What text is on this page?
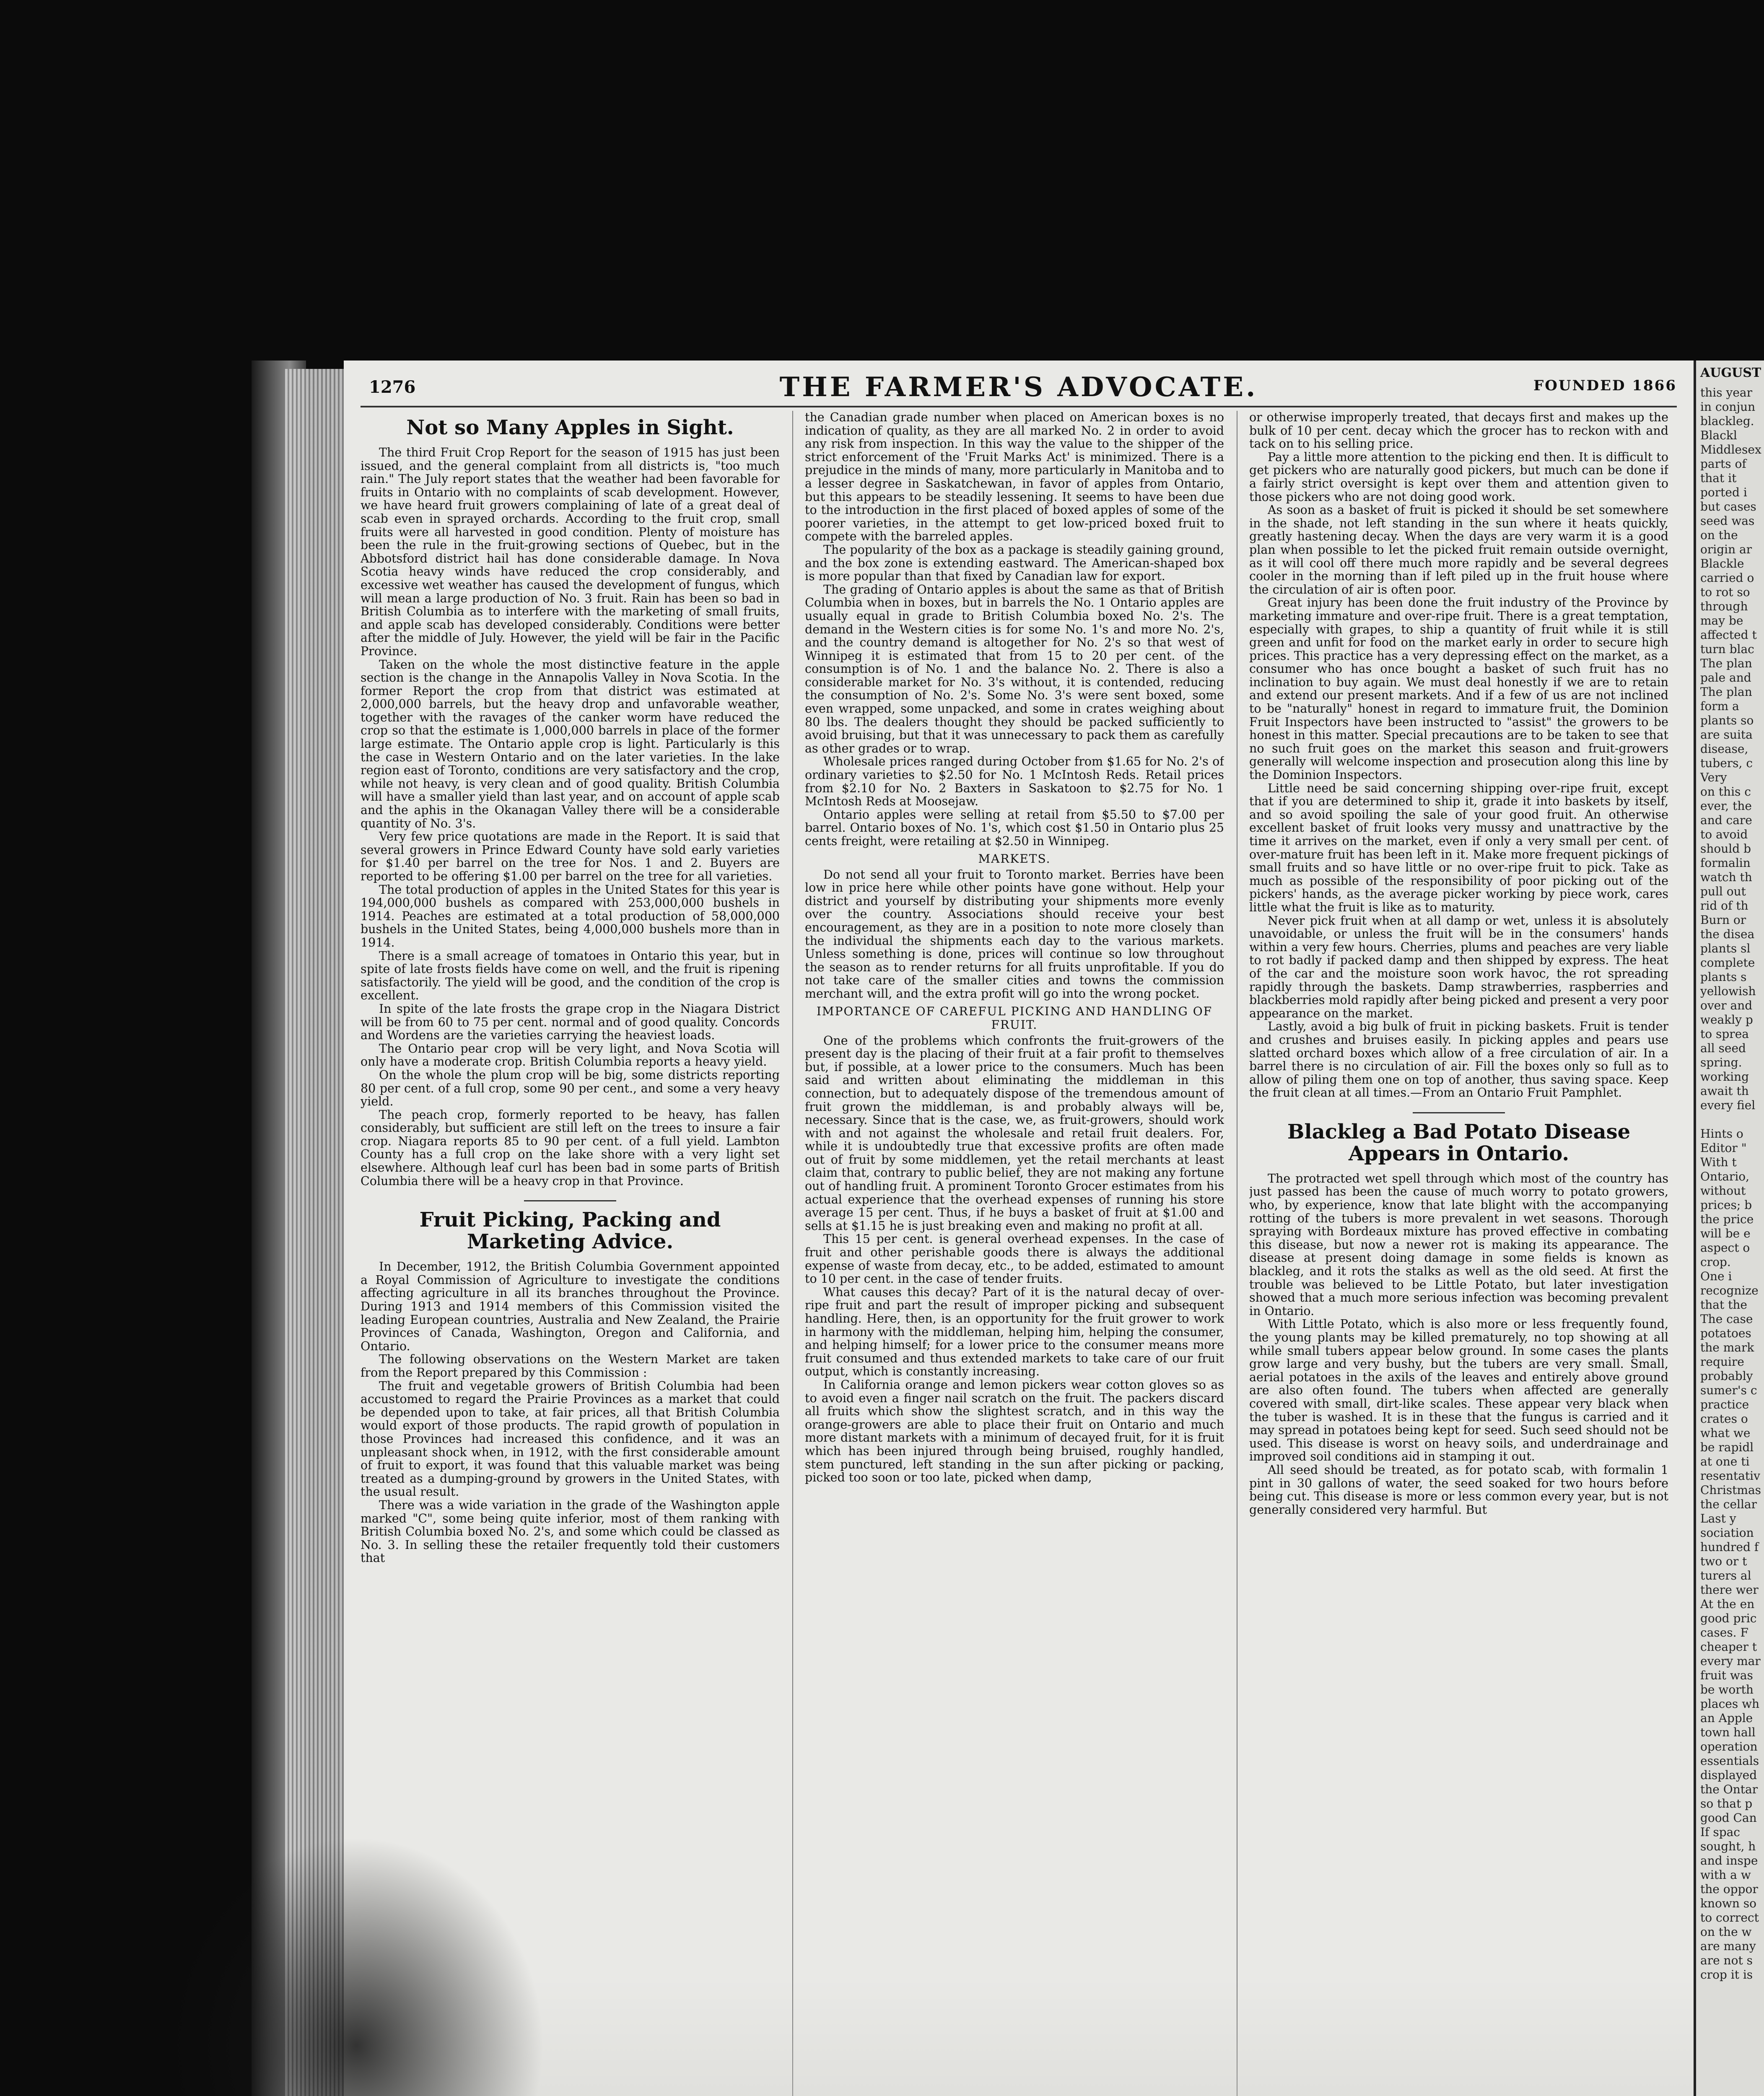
1276	THE FARMER'S ADVOCATE.	FOUNDED 1866
Not so Many Apples in Sight.

The third Fruit Crop Report for the season of 1915 has just been issued, and the general complaint from all districts is, "too much rain." The July report states that the weather had been favorable for fruits in Ontario with no complaints of scab development. However, we have heard fruit growers complaining of late of a great deal of scab even in sprayed orchards. According to the fruit crop, small fruits were all harvested in good condition. Plenty of moisture has been the rule in the fruit-growing sections of Quebec, but in the Abbotsford district hail has done considerable damage. In Nova Scotia heavy winds have reduced the crop considerably, and excessive wet weather has caused the development of fungus, which will mean a large production of No. 3 fruit. Rain has been so bad in British Columbia as to interfere with the marketing of small fruits, and apple scab has developed considerably. Conditions were better after the middle of July. However, the yield will be fair in the Pacific Province.

Taken on the whole the most distinctive feature in the apple section is the change in the Annapolis Valley in Nova Scotia. In the former Report the crop from that district was estimated at 2,000,000 barrels, but the heavy drop and unfavorable weather, together with the ravages of the canker worm have reduced the crop so that the estimate is 1,000,000 barrels in place of the former large estimate. The Ontario apple crop is light. Particularly is this the case in Western Ontario and on the later varieties. In the lake region east of Toronto, conditions are very satisfactory and the crop, while not heavy, is very clean and of good quality. British Columbia will have a smaller yield than last year, and on account of apple scab and the aphis in the Okanagan Valley there will be a considerable quantity of No. 3's.

Very few price quotations are made in the Report. It is said that several growers in Prince Edward County have sold early varieties for $1.40 per barrel on the tree for Nos. 1 and 2. Buyers are reported to be offering $1.00 per barrel on the tree for all varieties.

The total production of apples in the United States for this year is 194,000,000 bushels as compared with 253,000,000 bushels in 1914. Peaches are estimated at a total production of 58,000,000 bushels in the United States, being 4,000,000 bushels more than in 1914.

There is a small acreage of tomatoes in Ontario this year, but in spite of late frosts fields have come on well, and the fruit is ripening satisfactorily. The yield will be good, and the condition of the crop is excellent.

In spite of the late frosts the grape crop in the Niagara District will be from 60 to 75 per cent. normal and of good quality. Concords and Wordens are the varieties carrying the heaviest loads.

The Ontario pear crop will be very light, and Nova Scotia will only have a moderate crop. British Columbia reports a heavy yield.

On the whole the plum crop will be big, some districts reporting 80 per cent. of a full crop, some 90 per cent., and some a very heavy yield.

The peach crop, formerly reported to be heavy, has fallen considerably, but sufficient are still left on the trees to insure a fair crop. Niagara reports 85 to 90 per cent. of a full yield. Lambton County has a full crop on the lake shore with a very light set elsewhere. Although leaf curl has been bad in some parts of British Columbia there will be a heavy crop in that Province.

Fruit Picking, Packing and Marketing Advice.

In December, 1912, the British Columbia Government appointed a Royal Commission of Agriculture to investigate the conditions affecting agriculture in all its branches throughout the Province. During 1913 and 1914 members of this Commission visited the leading European countries, Australia and New Zealand, the Prairie Provinces of Canada, Washington, Oregon and California, and Ontario.

The following observations on the Western Market are taken from the Report prepared by this Commission :

The fruit and vegetable growers of British Columbia had been accustomed to regard the Prairie Provinces as a market that could be depended upon to take, at fair prices, all that British Columbia would export of those products. The rapid growth of population in those Provinces had increased this confidence, and it was an unpleasant shock when, in 1912, with the first considerable amount of fruit to export, it was found that this valuable market was being treated as a dumping-ground by growers in the United States, with the usual result.

There was a wide variation in the grade of the Washington apple marked "C", some being quite inferior, most of them ranking with British Columbia boxed No. 2's, and some which could be classed as No. 3. In selling these the retailer frequently told their customers that

the Canadian grade number when placed on American boxes is no indication of quality, as they are all marked No. 2 in order to avoid any risk from inspection. In this way the value to the shipper of the strict enforcement of the 'Fruit Marks Act' is minimized. There is a prejudice in the minds of many, more particularly in Manitoba and to a lesser degree in Saskatchewan, in favor of apples from Ontario, but this appears to be steadily lessening. It seems to have been due to the introduction in the first placed of boxed apples of some of the poorer varieties, in the attempt to get low-priced boxed fruit to compete with the barreled apples.

The popularity of the box as a package is steadily gaining ground, and the box zone is extending eastward. The American-shaped box is more popular than that fixed by Canadian law for export.

The grading of Ontario apples is about the same as that of British Columbia when in boxes, but in barrels the No. 1 Ontario apples are usually equal in grade to British Columbia boxed No. 2's. The demand in the Western cities is for some No. 1's and more No. 2's, and the country demand is altogether for No. 2's so that west of Winnipeg it is estimated that from 15 to 20 per cent. of the consumption is of No. 1 and the balance No. 2. There is also a considerable market for No. 3's without, it is contended, reducing the consumption of No. 2's. Some No. 3's were sent boxed, some even wrapped, some unpacked, and some in crates weighing about 80 lbs. The dealers thought they should be packed sufficiently to avoid bruising, but that it was unnecessary to pack them as carefully as other grades or to wrap.

Wholesale prices ranged during October from $1.65 for No. 2's of ordinary varieties to $2.50 for No. 1 McIntosh Reds. Retail prices from $2.10 for No. 2 Baxters in Saskatoon to $2.75 for No. 1 McIntosh Reds at Moosejaw.

Ontario apples were selling at retail from $5.50 to $7.00 per barrel. Ontario boxes of No. 1's, which cost $1.50 in Ontario plus 25 cents freight, were retailing at $2.50 in Winnipeg.

MARKETS.

Do not send all your fruit to Toronto market. Berries have been low in price here while other points have gone without. Help your district and yourself by distributing your shipments more evenly over the country. Associations should receive your best encouragement, as they are in a position to note more closely than the individual the shipments each day to the various markets. Unless something is done, prices will continue so low throughout the season as to render returns for all fruits unprofitable. If you do not take care of the smaller cities and towns the commission merchant will, and the extra profit will go into the wrong pocket.

IMPORTANCE OF CAREFUL PICKING AND HANDLING OF FRUIT.

One of the problems which confronts the fruit-growers of the present day is the placing of their fruit at a fair profit to themselves but, if possible, at a lower price to the consumers. Much has been said and written about eliminating the middleman in this connection, but to adequately dispose of the tremendous amount of fruit grown the middleman, is and probably always will be, necessary. Since that is the case, we, as fruit-growers, should work with and not against the wholesale and retail fruit dealers. For, while it is undoubtedly true that excessive profits are often made out of fruit by some middlemen, yet the retail merchants at least claim that, contrary to public belief, they are not making any fortune out of handling fruit. A prominent Toronto Grocer estimates from his actual experience that the overhead expenses of running his store average 15 per cent. Thus, if he buys a basket of fruit at $1.00 and sells at $1.15 he is just breaking even and making no profit at all.

This 15 per cent. is general overhead expenses. In the case of fruit and other perishable goods there is always the additional expense of waste from decay, etc., to be added, estimated to amount to 10 per cent. in the case of tender fruits.

What causes this decay? Part of it is the natural decay of over-ripe fruit and part the result of improper picking and subsequent handling. Here, then, is an opportunity for the fruit grower to work in harmony with the middleman, helping him, helping the consumer, and helping himself; for a lower price to the consumer means more fruit consumed and thus extended markets to take care of our fruit output, which is constantly increasing.

In California orange and lemon pickers wear cotton gloves so as to avoid even a finger nail scratch on the fruit. The packers discard all fruits which show the slightest scratch, and in this way the orange-growers are able to place their fruit on Ontario and much more distant markets with a minimum of decayed fruit, for it is fruit which has been injured through being bruised, roughly handled, stem punctured, left standing in the sun after picking or packing, picked too soon or too late, picked when damp,

or otherwise improperly treated, that decays first and makes up the bulk of 10 per cent. decay which the grocer has to reckon with and tack on to his selling price.

Pay a little more attention to the picking end then. It is difficult to get pickers who are naturally good pickers, but much can be done if a fairly strict oversight is kept over them and attention given to those pickers who are not doing good work.

As soon as a basket of fruit is picked it should be set somewhere in the shade, not left standing in the sun where it heats quickly, greatly hastening decay. When the days are very warm it is a good plan when possible to let the picked fruit remain outside overnight, as it will cool off there much more rapidly and be several degrees cooler in the morning than if left piled up in the fruit house where the circulation of air is often poor.

Great injury has been done the fruit industry of the Province by marketing immature and over-ripe fruit. There is a great temptation, especially with grapes, to ship a quantity of fruit while it is still green and unfit for food on the market early in order to secure high prices. This practice has a very depressing effect on the market, as a consumer who has once bought a basket of such fruit has no inclination to buy again. We must deal honestly if we are to retain and extend our present markets. And if a few of us are not inclined to be "naturally" honest in regard to immature fruit, the Dominion Fruit Inspectors have been instructed to "assist" the growers to be honest in this matter. Special precautions are to be taken to see that no such fruit goes on the market this season and fruit-growers generally will welcome inspection and prosecution along this line by the Dominion Inspectors.

Little need be said concerning shipping over-ripe fruit, except that if you are determined to ship it, grade it into baskets by itself, and so avoid spoiling the sale of your good fruit. An otherwise excellent basket of fruit looks very mussy and unattractive by the time it arrives on the market, even if only a very small per cent. of over-mature fruit has been left in it. Make more frequent pickings of small fruits and so have little or no over-ripe fruit to pick. Take as much as possible of the responsibility of poor picking out of the pickers' hands, as the average picker working by piece work, cares little what the fruit is like as to maturity.

Never pick fruit when at all damp or wet, unless it is absolutely unavoidable, or unless the fruit will be in the consumers' hands within a very few hours. Cherries, plums and peaches are very liable to rot badly if packed damp and then shipped by express. The heat of the car and the moisture soon work havoc, the rot spreading rapidly through the baskets. Damp strawberries, raspberries and blackberries mold rapidly after being picked and present a very poor appearance on the market.

Lastly, avoid a big bulk of fruit in picking baskets. Fruit is tender and crushes and bruises easily. In picking apples and pears use slatted orchard boxes which allow of a free circulation of air. In a barrel there is no circulation of air. Fill the boxes only so full as to allow of piling them one on top of another, thus saving space. Keep the fruit clean at all times.—From an Ontario Fruit Pamphlet.

Blackleg a Bad Potato Disease Appears in Ontario.

The protracted wet spell through which most of the country has just passed has been the cause of much worry to potato growers, who, by experience, know that late blight with the accompanying rotting of the tubers is more prevalent in wet seasons. Thorough spraying with Bordeaux mixture has proved effective in combating this disease, but now a newer rot is making its appearance. The disease at present doing damage in some fields is known as blackleg, and it rots the stalks as well as the old seed. At first the trouble was believed to be Little Potato, but later investigation showed that a much more serious infection was becoming prevalent in Ontario.

With Little Potato, which is also more or less frequently found, the young plants may be killed prematurely, no top showing at all while small tubers appear below ground. In some cases the plants grow large and very bushy, but the tubers are very small. Small, aerial potatoes in the axils of the leaves and entirely above ground are also often found. The tubers when affected are generally covered with small, dirt-like scales. These appear very black when the tuber is washed. It is in these that the fungus is carried and it may spread in potatoes being kept for seed. Such seed should not be used. This disease is worst on heavy soils, and underdrainage and improved soil conditions aid in stamping it out.

All seed should be treated, as for potato scab, with formalin 1 pint in 30 gallons of water, the seed soaked for two hours before being cut. This disease is more or less common every year, but is not generally considered very harmful. But

AUGUST
this year
in conjun
blackleg.
Blackl
Middlesex
parts of
that it
ported i
but cases
seed was
on the
origin ar
Blackle
carried o
to rot so
through
may be
affected t
turn blac
The plan
pale and
The plan
form a
plants so
are suita
disease,
tubers, c
Very
on this c
ever, the
and care
to avoid
should b
formalin
watch th
pull out
rid of th
Burn or
the disea
plants sl
complete
plants s
yellowish
over and
weakly p
to sprea
all seed
spring.
working
await th
every fiel

Hints o
Editor "
With t
Ontario,
without
prices; b
the price
will be e
aspect o
crop.
One i
recognize
that the
The case
potatoes
the mark
require
probably
sumer's c
practice
crates o
what we
be rapidl
at one ti
resentativ
Christmas
the cellar
Last y
sociation
hundred f
two or t
turers al
there wer
At the en
good pric
cases. F
cheaper t
every mar
fruit was
be worth
places wh
an Apple
town hall
operation
essentials
displayed
the Ontar
so that p
good Can
If spac
sought, h
and inspe
with a w
the oppor
known so
to correct
on the w
are many
are not s
crop it is
